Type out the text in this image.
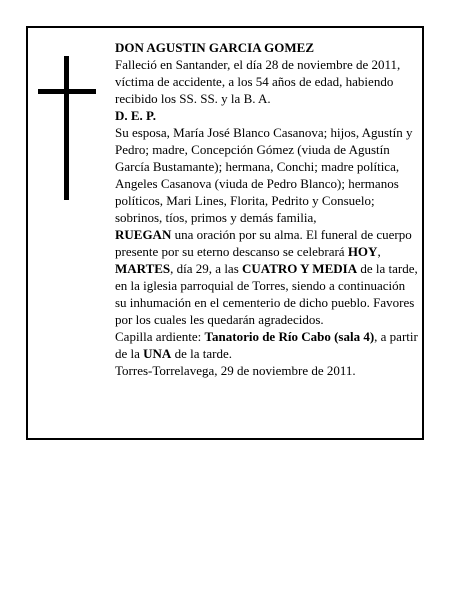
DON AGUSTIN GARCIA GOMEZ

Falleció en Santander, el día 28 de noviembre de 2011, víctima de accidente, a los 54 años de edad, habiendo recibido los SS. SS. y la B. A.

D. E. P.

Su esposa, María José Blanco Casanova; hijos, Agustín y Pedro; madre, Concepción Gómez (viuda de Agustín García Bustamante); hermana, Conchi; madre política, Angeles Casanova (viuda de Pedro Blanco); hermanos políticos, Mari Lines, Florita, Pedrito y Consuelo; sobrinos, tíos, primos y demás familia,

RUEGAN una oración por su alma. El funeral de cuerpo presente por su eterno descanso se celebrará HOY, MARTES, día 29, a las CUATRO Y MEDIA de la tarde, en la iglesia parroquial de Torres, siendo a continuación su inhumación en el cementerio de dicho pueblo. Favores por los cuales les quedarán agradecidos.

Capilla ardiente: Tanatorio de Río Cabo (sala 4), a partir de la UNA de la tarde.

Torres-Torrelavega, 29 de noviembre de 2011.
